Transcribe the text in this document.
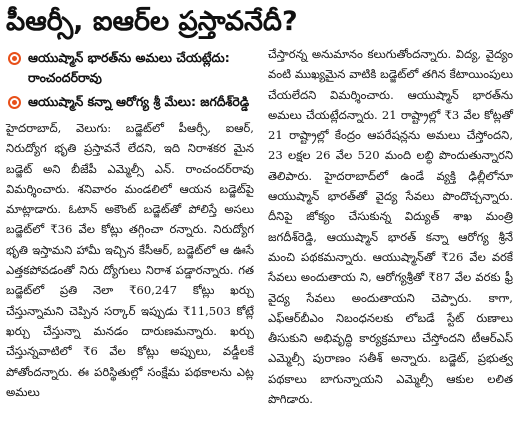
పీఆర్సీ, ఐఆర్‌ల ప్రస్తావనేదీ?
ఆయుష్మాన్ భారత్‌ను అమలు చేయట్లేదు: రాంచందర్‌రావు
ఆయుష్మాన్ కన్నా ఆరోగ్య శ్రీ మేలు: జగదీశ్‌రెడ్డి

హైదరాబాద్, వెలుగు: బడ్జెట్‌లో పీఆర్సీ, ఐఆర్, నిరుద్యోగ భృతి ప్రస్తావనే లేదని, ఇది నిరాశకర మైన బడ్జెట్ అని బీజేపీ ఎమ్మెల్సీ ఎన్. రాంచందర్‌రావు విమర్శించారు. శనివారం మండలిలో ఆయన బడ్జెట్‌పై మాట్లాడారు. ఓటాన్ అకౌంట్ బడ్జెట్‌తో పోలిస్తే అసలు బడ్జెట్‌లో ₹36 వేల కోట్లు తగ్గించా రన్నారు. నిరుద్యోగ భృతి ఇస్తామని హామీ ఇచ్చిన కేసీఆర్, బడ్జెట్‌లో ఆ ఊసే ఎత్తకపోవడంతో నిరు ద్యోగులు నిరాశ పడ్డారన్నారు. గత బడ్జెట్‌లో ప్రతి నెలా ₹60,247 కోట్లు ఖర్చు చేస్తున్నామని చెప్పిన సర్కార్ ఇప్పుడు ₹11,503 కోట్లే ఖర్చు చేస్తున్నా మనడం దారుణమన్నారు. ఖర్చు చేస్తున్నవాటిలో ₹6 వేల కోట్లు అప్పులు, వడ్డీలకే పోతోందన్నారు. ఈ పరిస్థితుల్లో సంక్షేమ పథకాలను ఎట్ల అమలు

చేస్తారన్న అనుమానం కలుగుతోందన్నారు. విద్య, వైద్యం వంటి ముఖ్యమైన వాటికి బడ్జెట్‌లో తగిన కేటాయింపులు చేయలేదని విమర్శించారు. ఆయుష్మాన్ భారత్‌ను అమలు చేయట్లేదన్నారు. 21 రాష్ట్రాల్లో ₹3 వేల కోట్లతో 21 రాష్ట్రాల్లో కేంద్రం ఆపరేషన్లను అమలు చేస్తోందని, 23 లక్షల 26 వేల 520 మంది లబ్ధి పొందుతున్నారని తెలిపారు. హైదరాబాద్‌లో ఉండే వ్యక్తి ఢిల్లీలోనూ ఆయుష్మాన్ భారత్‌తో వైద్య సేవలు పొందొచ్చన్నారు. దీనిపై జోక్యం చేసుకున్న విద్యుత్ శాఖ మంత్రి జగదీశ్‌రెడ్డి, ఆయుష్మాన్ భారత్ కన్నా ఆరోగ్య శ్రీనే మంచి పథకమన్నారు. ఆయుష్మాన్‌తో ₹26 వేల వరకే సేవలు అందుతాయ ని, ఆరోగ్యశ్రీతో ₹87 వేల వరకు ఫ్రీ వైద్య సేవలు అందుతాయని చెప్పారు. కాగా, ఎఫ్‌ఆర్‌బీఎం నిబంధనలకు లోబడే స్టేట్ రుణాలు తీసుకుని అభివృద్ధి కార్యక్రమాలు చేస్తోందని టీఆర్ఎస్ ఎమ్మెల్సీ పురాణం సతీశ్ అన్నారు. బడ్జెట్, ప్రభుత్వ పథకాలు బాగున్నాయని ఎమ్మెల్సీ ఆకుల లలిత పొగిడారు.
